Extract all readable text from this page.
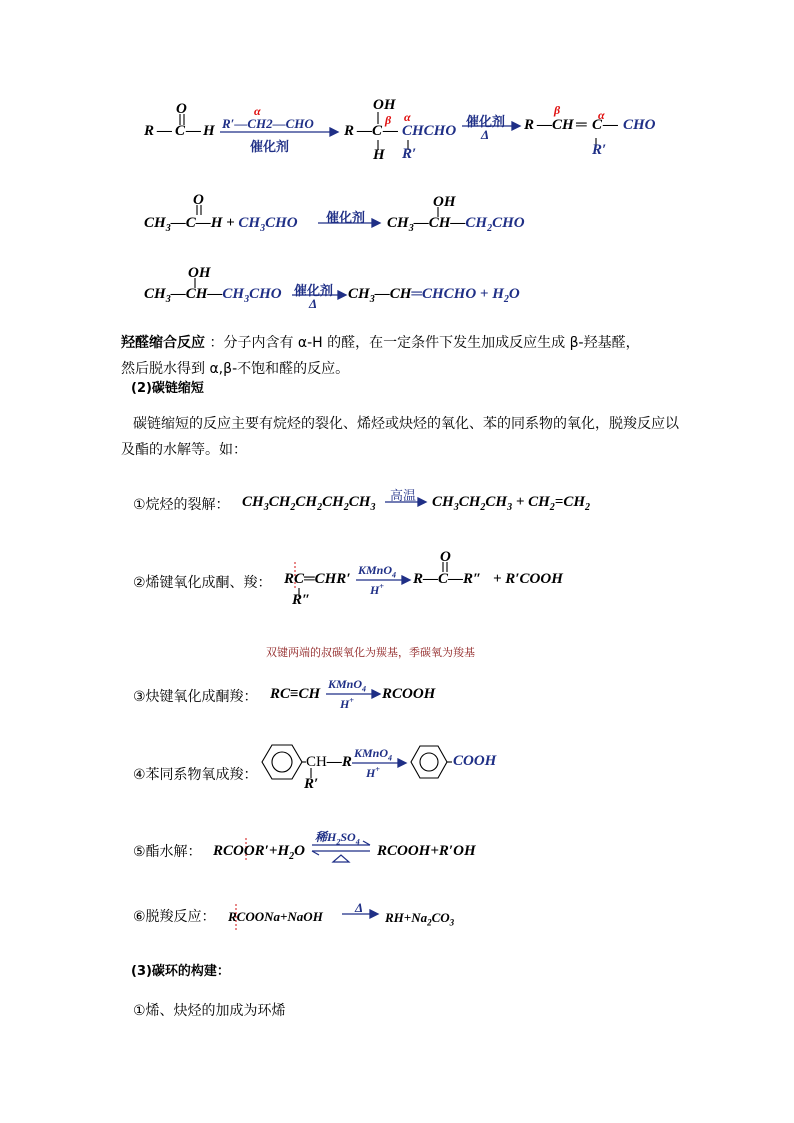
R — C — H
O	α
R′—CH2—CHO
催化剂
OH
R — C — CHCHO
β α
H R′
催化剂
Δ
β	α
R — CH ═ C — CHO
R′
O
$CH_3—C—H + CH_3CHO$ 催化剂
OH
$CH_3—CH—CH_2CHO$
OH
$CH_3—CH—CH_3CHO$ 催化剂
Δ
$CH_3—CH═CHCHO + H_2O$
羟醛缩合反应 ：分子内含有 α-H 的醛，在一定条件下发生加成反应生成 β-羟基醛，
然后脱水得到 α,β-不饱和醛的反应。
(2)碳链缩短
碳链缩短的反应主要有烷烃的裂化、烯烃或炔烃的氧化、苯的同系物的氧化，脱羧反应以及酯的水解等。如：
①烷烃的裂解： $CH_3CH_2CH_2CH_2CH_3$
高温 $CH_3CH_2CH_3 + CH_2=CH_2$
②烯键氧化成酮、羧： RC═CHR′
R″
KMnO$_4$
H+
O
R—C—R″ + R′COOH
双键两端的叔碳氧化为羰基，季碳氧为羧基
③炔键氧化成酮羧： RC≡CH
KMnO$_4$
H+ RCOOH
④苯同系物氧成羧：
CH—R
R′
KMnO$_4$
H+
COOH
⑤酯水解： $RCOOR'+H_2O$
稀$H_2SO_4$
RCOOH+R′OH
⑥脱羧反应： RCOONa+NaOH
Δ
$RH+Na_2CO_3$
(3)碳环的构建：
①烯、炔烃的加成为环烯
